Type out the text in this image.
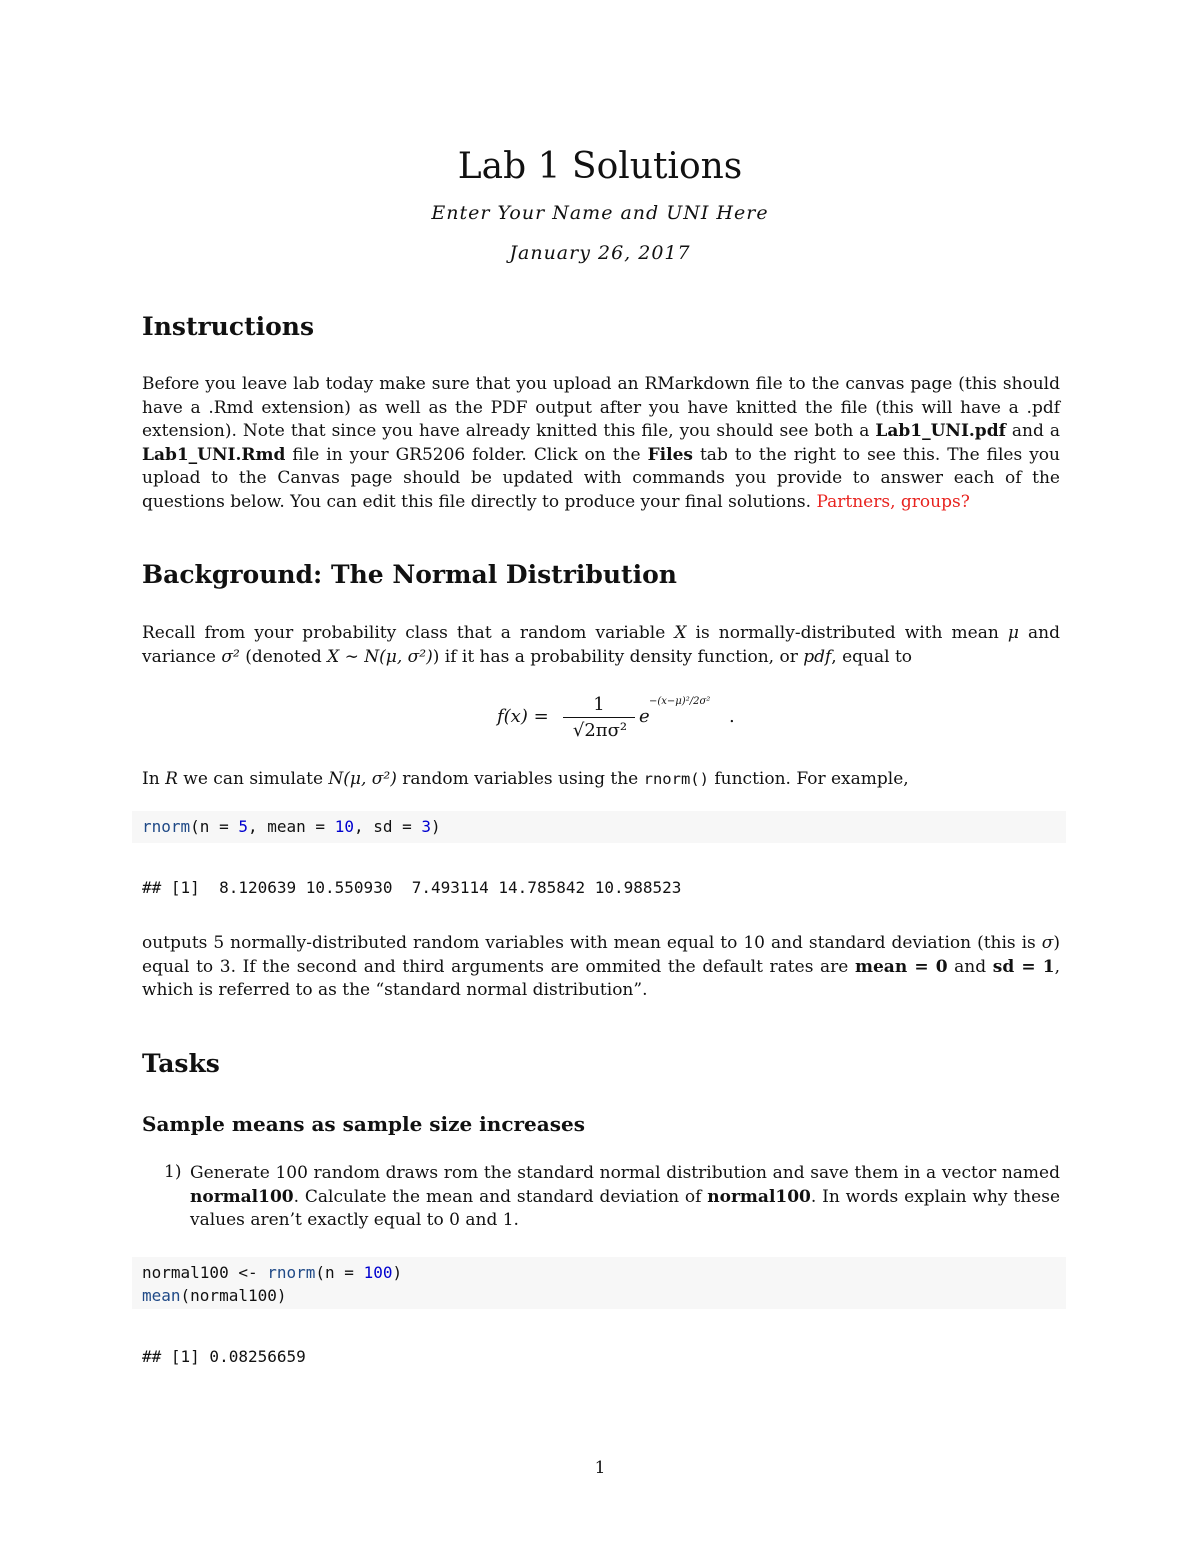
Lab 1 Solutions
Enter Your Name and UNI Here
January 26, 2017
Instructions

Before you leave lab today make sure that you upload an RMarkdown file to the canvas page (this should have a .Rmd extension) as well as the PDF output after you have knitted the file (this will have a .pdf extension). Note that since you have already knitted this file, you should see both a Lab1_UNI.pdf and a Lab1_UNI.Rmd file in your GR5206 folder. Click on the Files tab to the right to see this. The files you upload to the Canvas page should be updated with commands you provide to answer each of the questions below. You can edit this file directly to produce your final solutions. Partners, groups?

Background: The Normal Distribution

Recall from your probability class that a random variable X is normally-distributed with mean μ and variance σ² (denoted X ∼ N(μ, σ²)) if it has a probability density function, or pdf, equal to

f(x) =
1
√2πσ²
e
−(x−μ)²/2σ²
.

In R we can simulate N(μ, σ²) random variables using the rnorm() function. For example,

rnorm(n = 5, mean = 10, sd = 3)
## [1]  8.120639 10.550930  7.493114 14.785842 10.988523

outputs 5 normally-distributed random variables with mean equal to 10 and standard deviation (this is σ) equal to 3. If the second and third arguments are ommited the default rates are mean = 0 and sd = 1, which is referred to as the “standard normal distribution”.

Tasks
Sample means as sample size increases
1) Generate 100 random draws rom the standard normal distribution and save them in a vector named normal100. Calculate the mean and standard deviation of normal100. In words explain why these values aren’t exactly equal to 0 and 1.

normal100 <- rnorm(n = 100)
mean(normal100)
## [1] 0.08256659
1
